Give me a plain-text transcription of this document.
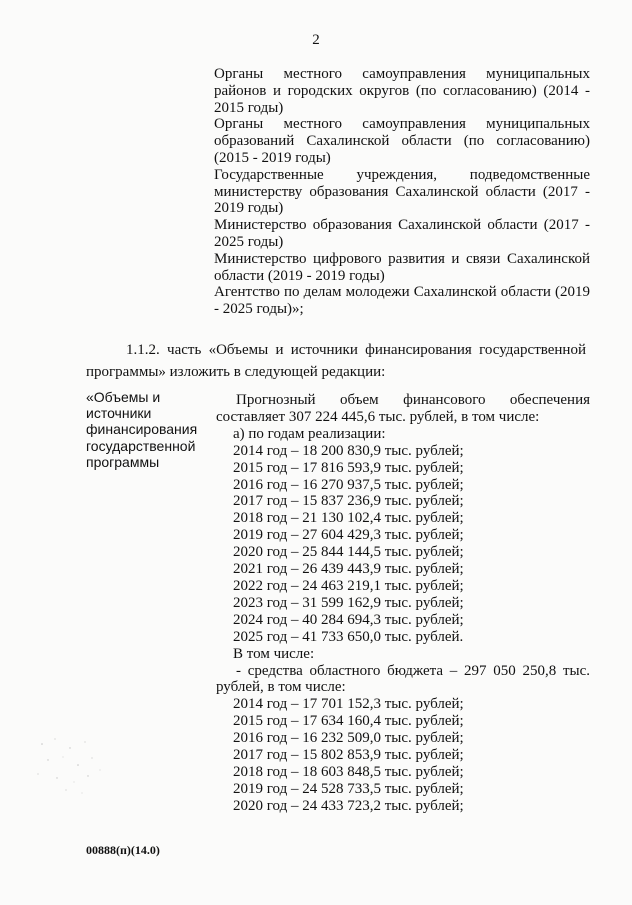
2

Органы местного самоуправления муниципальных районов и городских округов (по согласованию) (2014 - 2015 годы)

Органы местного самоуправления муниципальных образований Сахалинской области (по согласованию) (2015 - 2019 годы)

Государственные учреждения, подведомственные министерству образования Сахалинской области (2017 - 2019 годы)

Министерство образования Сахалинской области (2017 - 2025 годы)

Министерство цифрового развития и связи Сахалинской области (2019 - 2019 годы)

Агентство по делам молодежи Сахалинской области (2019 - 2025 годы)»;

1.1.2. часть «Объемы и источники финансирования государственной программы» изложить в следующей редакции:

«Объемы и
источники
финансирования
государственной
программы

Прогнозный объем финансового обеспечения составляет 307 224 445,6 тыс. рублей, в том числе:

а) по годам реализации:
2014 год – 18 200 830,9 тыс. рублей;
2015 год – 17 816 593,9 тыс. рублей;
2016 год – 16 270 937,5 тыс. рублей;
2017 год – 15 837 236,9 тыс. рублей;
2018 год – 21 130 102,4 тыс. рублей;
2019 год – 27 604 429,3 тыс. рублей;
2020 год – 25 844 144,5 тыс. рублей;
2021 год – 26 439 443,9 тыс. рублей;
2022 год – 24 463 219,1 тыс. рублей;
2023 год – 31 599 162,9 тыс. рублей;
2024 год – 40 284 694,3 тыс. рублей;
2025 год – 41 733 650,0 тыс. рублей.
В том числе:

- средства областного бюджета – 297 050 250,8 тыс. рублей, в том числе:

2014 год – 17 701 152,3 тыс. рублей;
2015 год – 17 634 160,4 тыс. рублей;
2016 год – 16 232 509,0 тыс. рублей;
2017 год – 15 802 853,9 тыс. рублей;
2018 год – 18 603 848,5 тыс. рублей;
2019 год – 24 528 733,5 тыс. рублей;
2020 год – 24 433 723,2 тыс. рублей;
00888(п)(14.0)
